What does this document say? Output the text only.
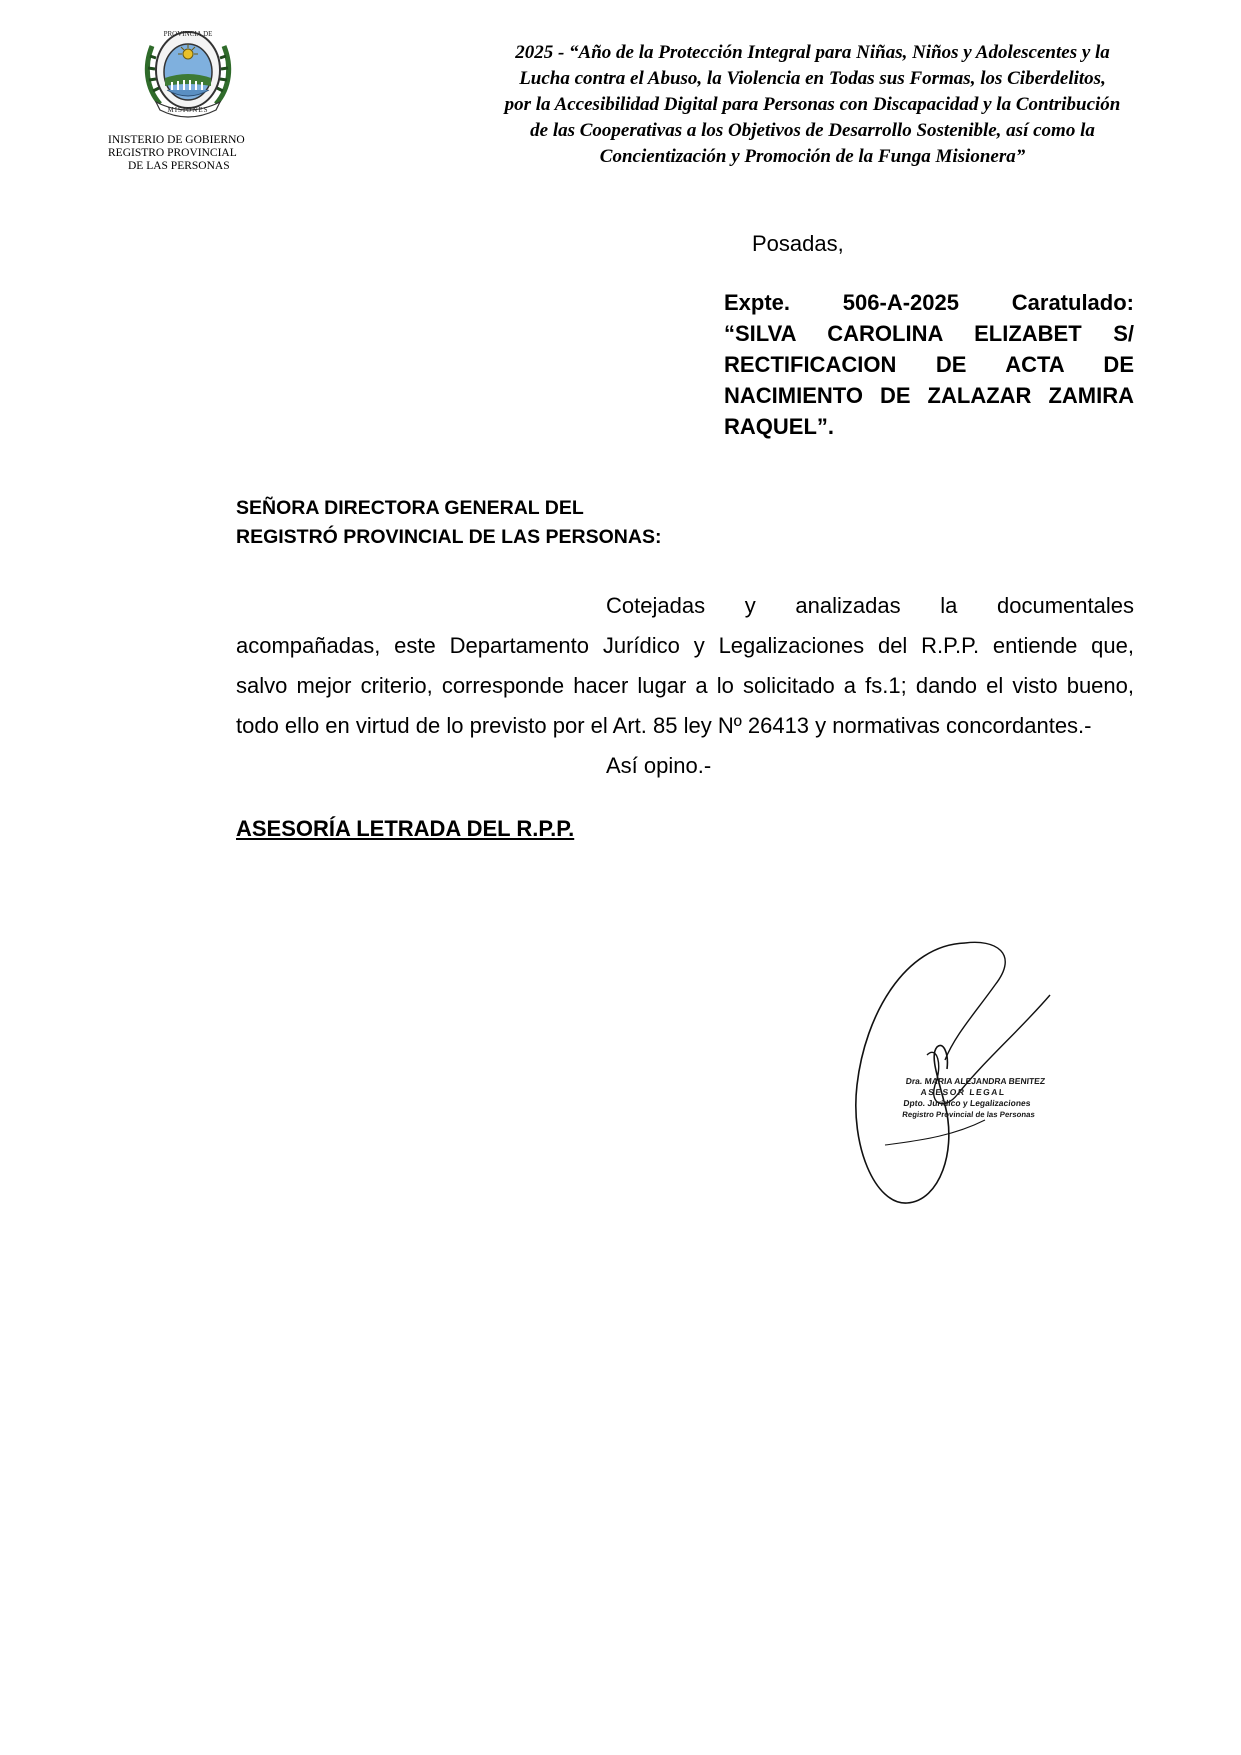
PROVINCIA DE
MISIONES
INISTERIO DE GOBIERNO
REGISTRO PROVINCIAL
DE LAS PERSONAS
2025 - “Año de la Protección Integral para Niñas, Niños y Adolescentes y la
Lucha contra el Abuso, la Violencia en Todas sus Formas, los Ciberdelitos,
por la Accesibilidad Digital para Personas con Discapacidad y la Contribución
de las Cooperativas a los Objetivos de Desarrollo Sostenible, así como la
Concientización y Promoción de la Funga Misionera”
Posadas,
Expte. 506-A-2025 Caratulado:
“SILVA CAROLINA ELIZABET S/
RECTIFICACION DE ACTA DE
NACIMIENTO DE ZALAZAR ZAMIRA
RAQUEL”.
SEÑORA DIRECTORA GENERAL DEL
REGISTRÓ PROVINCIAL DE LAS PERSONAS:
Cotejadas y analizadas la documentales
acompañadas, este Departamento Jurídico y Legalizaciones del R.P.P. entiende que,
salvo mejor criterio, corresponde hacer lugar a lo solicitado a fs.1; dando el visto bueno,
todo ello en virtud de lo previsto por el Art. 85 ley Nº 26413 y normativas concordantes.-
Así opino.-
ASESORÍA LETRADA DEL R.P.P.
Dra. MARIA ALEJANDRA BENITEZ
ASESOR LEGAL
Dpto. Jurídico y Legalizaciones
Registro Provincial de las Personas
